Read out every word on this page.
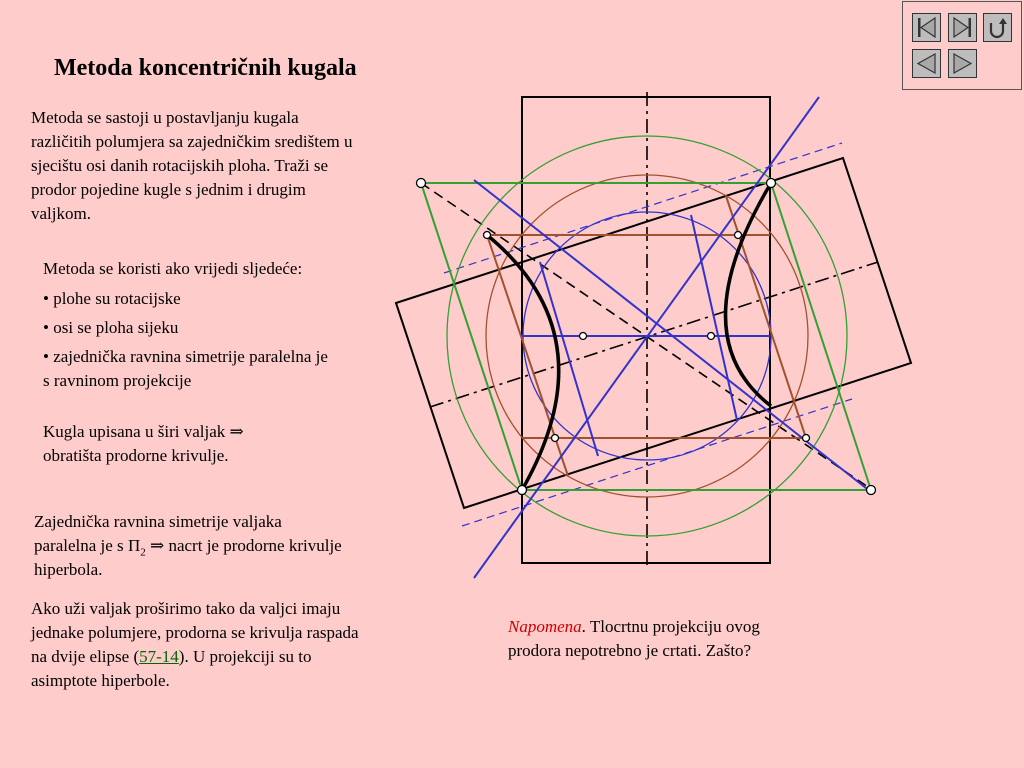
Metoda koncentričnih kugala
Metoda se sastoji u postavljanju kugala različitih polumjera sa zajedničkim središtem u sjecištu osi danih rotacijskih ploha. Traži se prodor pojedine kugle s jednim i drugim valjkom.
Metoda se koristi ako vrijedi sljedeće:
• plohe su rotacijske
• osi se ploha sijeku
• zajednička ravnina simetrije paralelna je s ravninom projekcije
Kugla upisana u širi valjak ⇒ obratišta prodorne krivulje.
Zajednička ravnina simetrije valjaka paralelna je s $\Pi_2$ ⇒ nacrt je prodorne krivulje hiperbola.
Ako uži valjak proširimo tako da valjci imaju jednake polumjere, prodorna se krivulja raspada na dvije elipse (57-14). U projekciji su to asimptote hiperbole.
Napomena. Tlocrtnu projekciju ovog prodora nepotrebno je crtati. Zašto?
